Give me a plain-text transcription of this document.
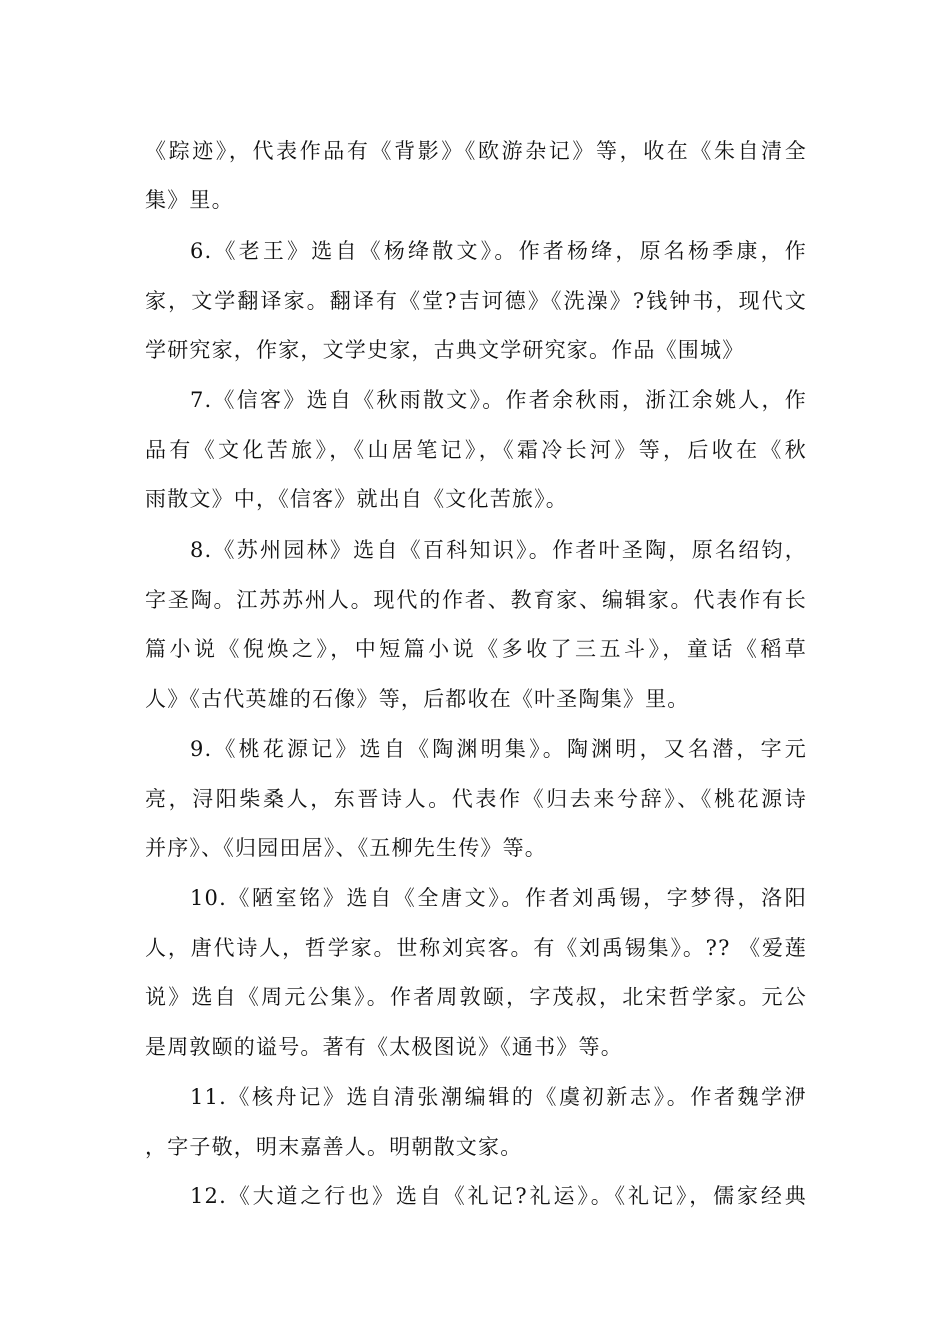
《踪迹》，代表作品有《背影》《欧游杂记》等，收在《朱自清全
集》里。
6.《老王》选自《杨绛散文》。作者杨绛，原名杨季康，作
家，文学翻译家。翻译有《堂?吉诃德》《洗澡》?钱钟书，现代文
学研究家，作家，文学史家，古典文学研究家。作品《围城》
7.《信客》选自《秋雨散文》。作者余秋雨，浙江余姚人，作
品有《文化苦旅》，《山居笔记》，《霜冷长河》等，后收在《秋
雨散文》中，《信客》就出自《文化苦旅》。
8.《苏州园林》选自《百科知识》。作者叶圣陶，原名绍钧，
字圣陶。江苏苏州人。现代的作者、教育家、编辑家。代表作有长
篇小说《倪焕之》，中短篇小说《多收了三五斗》，童话《稻草
人》《古代英雄的石像》等，后都收在《叶圣陶集》里。
9.《桃花源记》选自《陶渊明集》。陶渊明，又名潜，字元
亮，浔阳柴桑人，东晋诗人。代表作《归去来兮辞》、《桃花源诗
并序》、《归园田居》、《五柳先生传》等。
10.《陋室铭》选自《全唐文》。作者刘禹锡，字梦得，洛阳
人，唐代诗人，哲学家。世称刘宾客。有《刘禹锡集》。?? 《爱莲
说》选自《周元公集》。作者周敦颐，字茂叔，北宋哲学家。元公
是周敦颐的谥号。著有《太极图说》《通书》等。
11.《核舟记》选自清张潮编辑的《虞初新志》。作者魏学洢
，字子敬，明末嘉善人。明朝散文家。
12.《大道之行也》选自《礼记?礼运》。《礼记》，儒家经典
